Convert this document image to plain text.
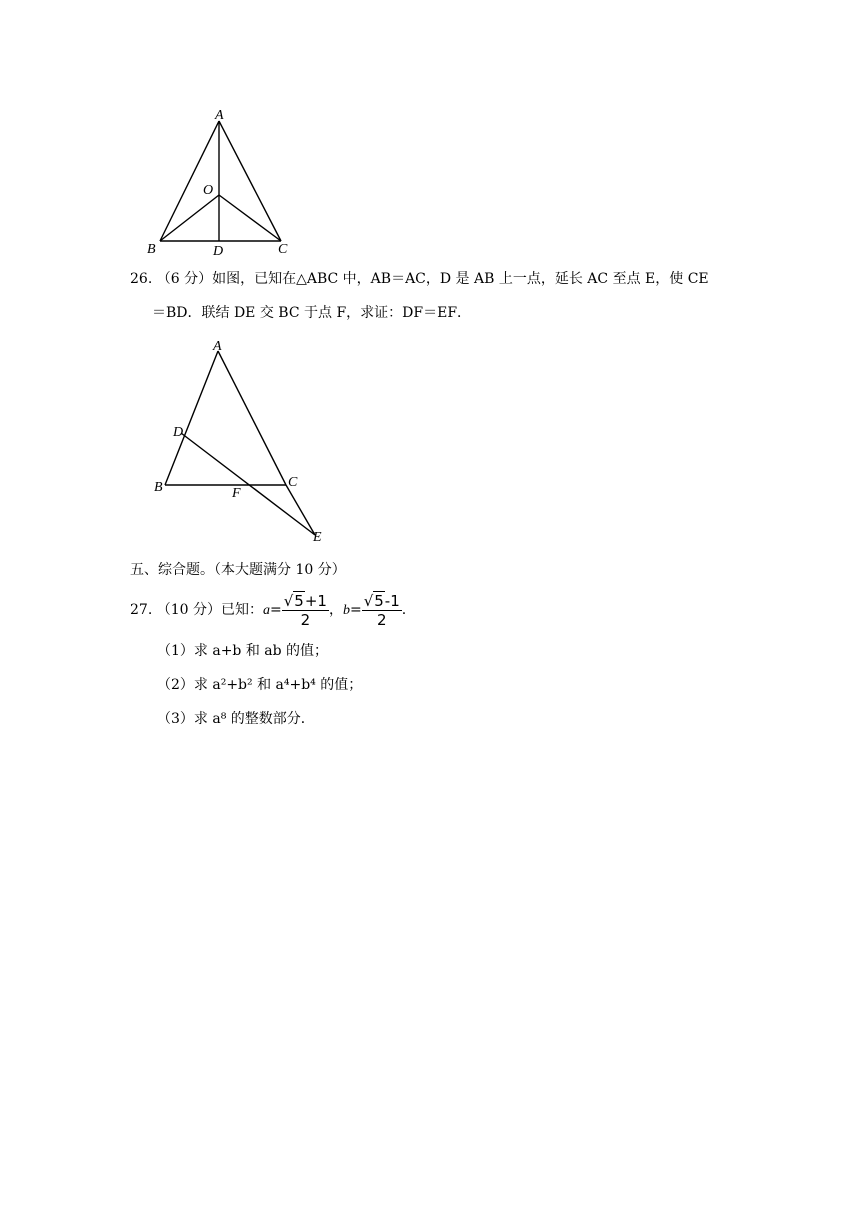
A
O
B	D	C
26. （6 分）如图，已知在△ABC 中，AB＝AC，D 是 AB 上一点，延长 AC 至点 E，使 CE
＝BD．联结 DE 交 BC 于点 F，求证：DF＝EF．
A
D
B	F
C
E
五、综合题。（本大题满分 10 分）
27. （10 分）已知：$a= \frac{√5+1}{2}$ ，$b= \frac{√5-1}{2}$ .
（1）求 a+b 和 ab 的值；
（2）求 a²+b² 和 a⁴+b⁴ 的值；
（3）求 a⁸ 的整数部分．
